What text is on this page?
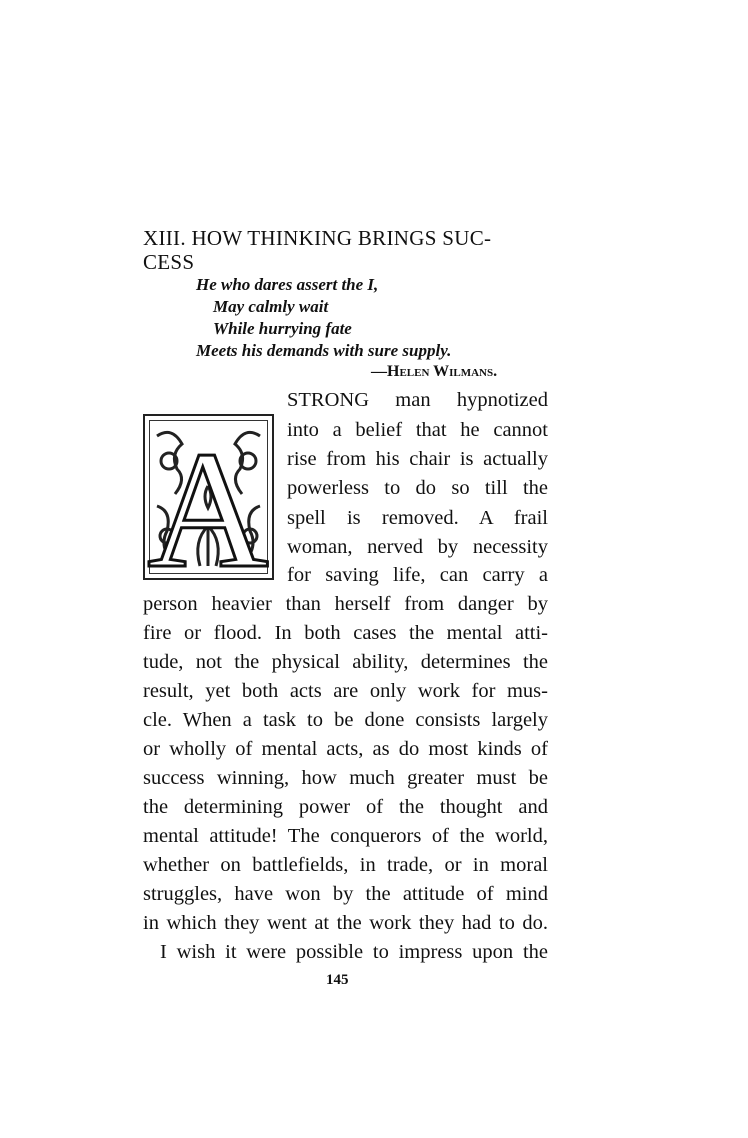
XIII. HOW THINKING BRINGS SUC-
CESS
He who dares assert the I,
May calmly wait
While hurrying fate
Meets his demands with sure supply.
—Helen Wilmans.
A
STRONG man hypnotized
into a belief that he cannot
rise from his chair is actually
powerless to do so till the
spell is removed. A frail
woman, nerved by necessity
for saving life, can carry a
person heavier than herself from danger by
fire or flood. In both cases the mental atti-
tude, not the physical ability, determines the
result, yet both acts are only work for mus-
cle. When a task to be done consists largely
or wholly of mental acts, as do most kinds of
success winning, how much greater must be
the determining power of the thought and
mental attitude! The conquerors of the world,
whether on battlefields, in trade, or in moral
struggles, have won by the attitude of mind
in which they went at the work they had to do.
I wish it were possible to impress upon the
145
